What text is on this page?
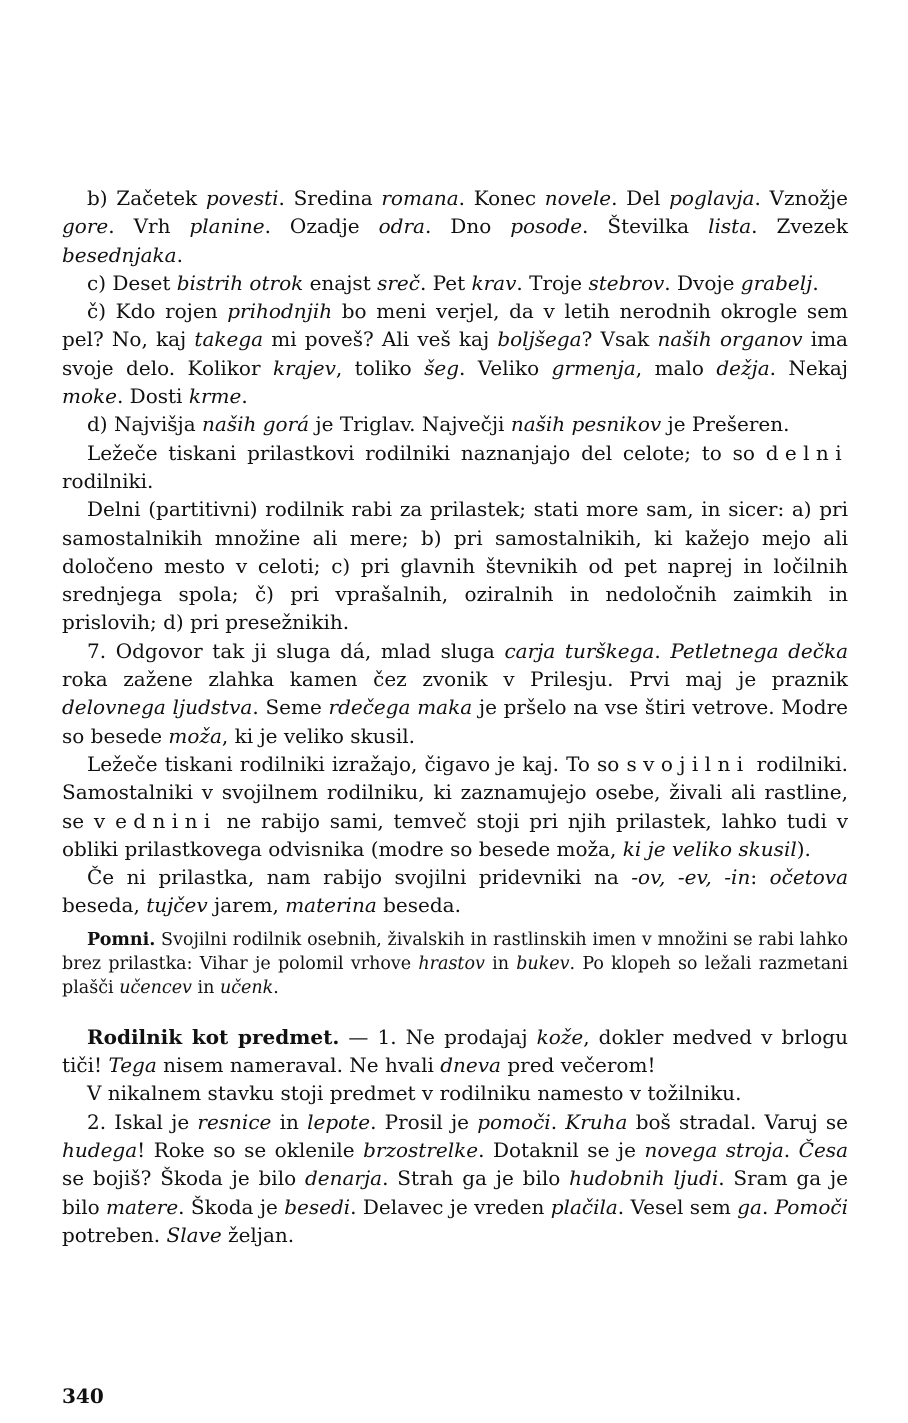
b) Začetek povesti. Sredina romana. Konec novele. Del poglavja. Vznožje gore. Vrh planine. Ozadje odra. Dno posode. Številka lista. Zvezek besednjaka.

c) Deset bistrih otrok enajst sreč. Pet krav. Troje stebrov. Dvoje grabelj.

č) Kdo rojen prihodnjih bo meni verjel, da v letih nerodnih okrogle sem pel? No, kaj takega mi poveš? Ali veš kaj boljšega? Vsak naših organov ima svoje delo. Kolikor krajev, toliko šeg. Veliko grmenja, malo dežja. Nekaj moke. Dosti krme.

d) Najvišja naših gorá je Triglav. Največji naših pesnikov je Prešeren.

Ležeče tiskani prilastkovi rodilniki naznanjajo del celote; to so delni rodilniki.

Delni (partitivni) rodilnik rabi za prilastek; stati more sam, in sicer: a) pri samostalnikih množine ali mere; b) pri samostalnikih, ki kažejo mejo ali določeno mesto v celoti; c) pri glavnih števnikih od pet naprej in ločilnih srednjega spola; č) pri vprašalnih, oziralnih in nedoločnih zaimkih in prislovih; d) pri presežnikih.

7. Odgovor tak ji sluga dá, mlad sluga carja turškega. Petletnega dečka roka zažene zlahka kamen čez zvonik v Prilesju. Prvi maj je praznik delovnega ljudstva. Seme rdečega maka je pršelo na vse štiri vetrove. Modre so besede moža, ki je veliko skusil.

Ležeče tiskani rodilniki izražajo, čigavo je kaj. To so svojilni rodilniki. Samostalniki v svojilnem rodilniku, ki zaznamujejo osebe, živali ali rastline, se v ednini ne rabijo sami, temveč stoji pri njih prilastek, lahko tudi v obliki prilastkovega odvisnika (modre so besede moža, ki je veliko skusil).

Če ni prilastka, nam rabijo svojilni pridevniki na -ov, -ev, -in: očetova beseda, tujčev jarem, materina beseda.

Pomni. Svojilni rodilnik osebnih, živalskih in rastlinskih imen v množini se rabi lahko brez prilastka: Vihar je polomil vrhove hrastov in bukev. Po klopeh so ležali razmetani plašči učencev in učenk.

Rodilnik kot predmet. — 1. Ne prodajaj kože, dokler medved v brlogu tiči! Tega nisem nameraval. Ne hvali dneva pred večerom!

V nikalnem stavku stoji predmet v rodilniku namesto v tožilniku.

2. Iskal je resnice in lepote. Prosil je pomoči. Kruha boš stradal. Varuj se hudega! Roke so se oklenile brzostrelke. Dotaknil se je novega stroja. Česa se bojiš? Škoda je bilo denarja. Strah ga je bilo hudobnih ljudi. Sram ga je bilo matere. Škoda je besedi. Delavec je vreden plačila. Vesel sem ga. Pomoči potreben. Slave željan.

340
